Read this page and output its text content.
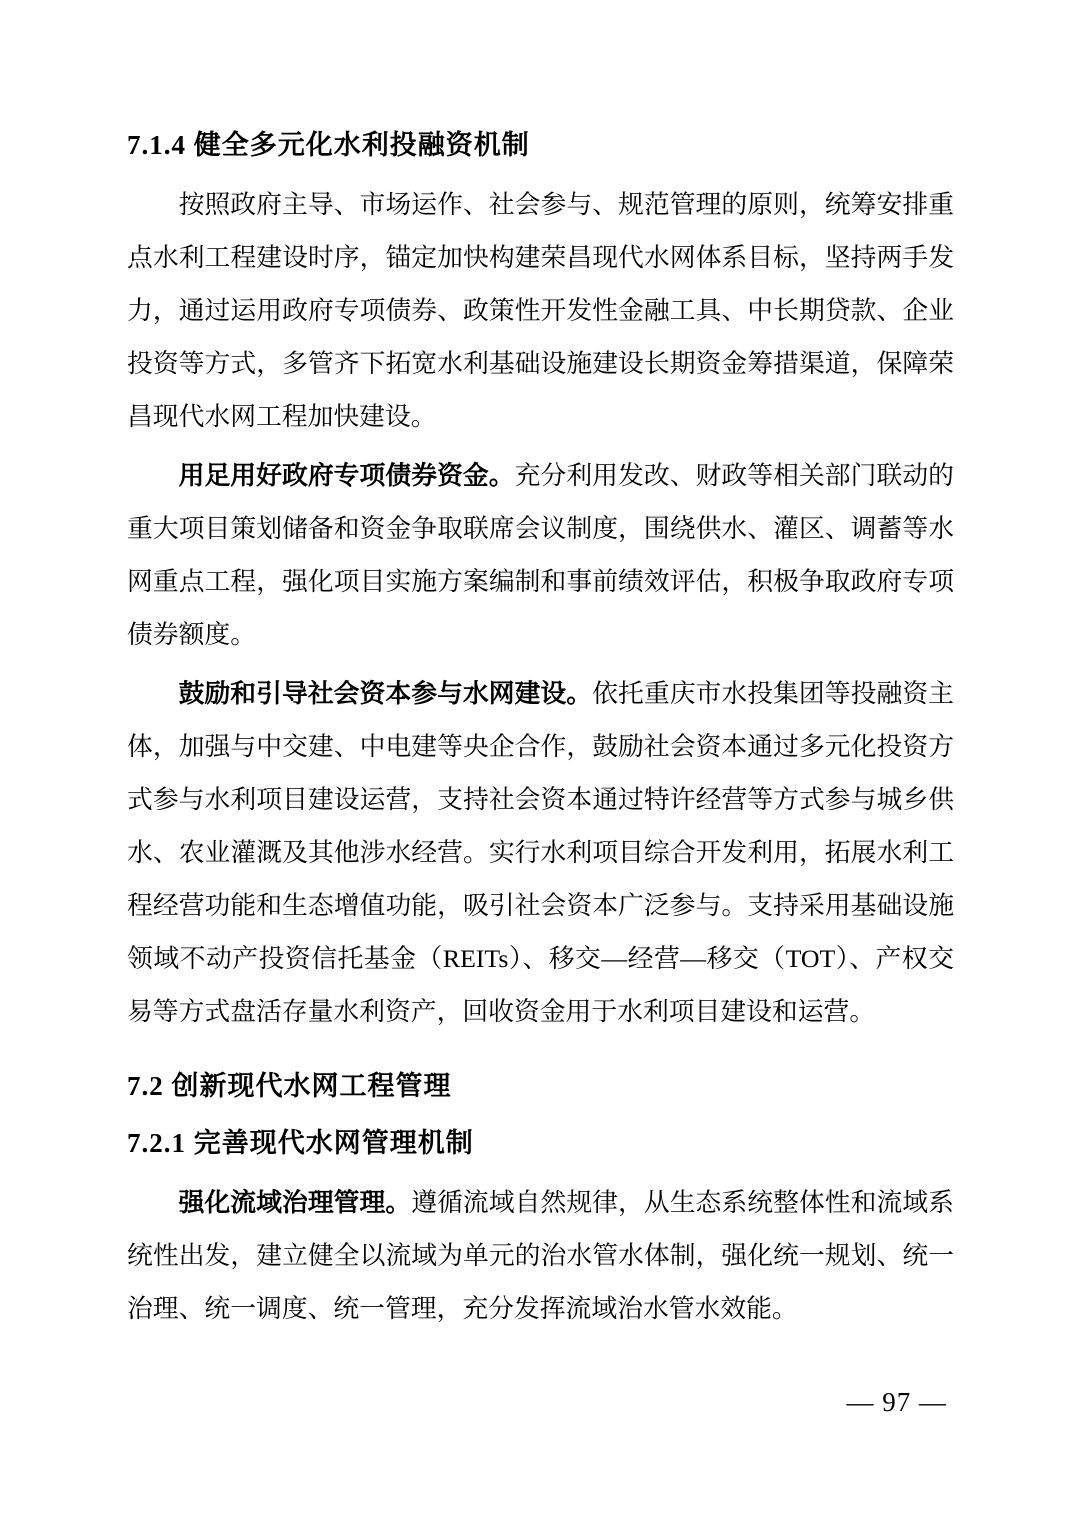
7.1.4 健全多元化水利投融资机制

按照政府主导、市场运作、社会参与、规范管理的原则，统筹安排重点水利工程建设时序，锚定加快构建荣昌现代水网体系目标，坚持两手发力，通过运用政府专项债券、政策性开发性金融工具、中长期贷款、企业投资等方式，多管齐下拓宽水利基础设施建设长期资金筹措渠道，保障荣昌现代水网工程加快建设。

用足用好政府专项债券资金。充分利用发改、财政等相关部门联动的重大项目策划储备和资金争取联席会议制度，围绕供水、灌区、调蓄等水网重点工程，强化项目实施方案编制和事前绩效评估，积极争取政府专项债券额度。

鼓励和引导社会资本参与水网建设。依托重庆市水投集团等投融资主体，加强与中交建、中电建等央企合作，鼓励社会资本通过多元化投资方式参与水利项目建设运营，支持社会资本通过特许经营等方式参与城乡供水、农业灌溉及其他涉水经营。实行水利项目综合开发利用，拓展水利工程经营功能和生态增值功能，吸引社会资本广泛参与。支持采用基础设施领域不动产投资信托基金（REITs）、移交—经营—移交（TOT）、产权交易等方式盘活存量水利资产，回收资金用于水利项目建设和运营。

7.2 创新现代水网工程管理
7.2.1 完善现代水网管理机制

强化流域治理管理。遵循流域自然规律，从生态系统整体性和流域系统性出发，建立健全以流域为单元的治水管水体制，强化统一规划、统一治理、统一调度、统一管理，充分发挥流域治水管水效能。

— 97 —
